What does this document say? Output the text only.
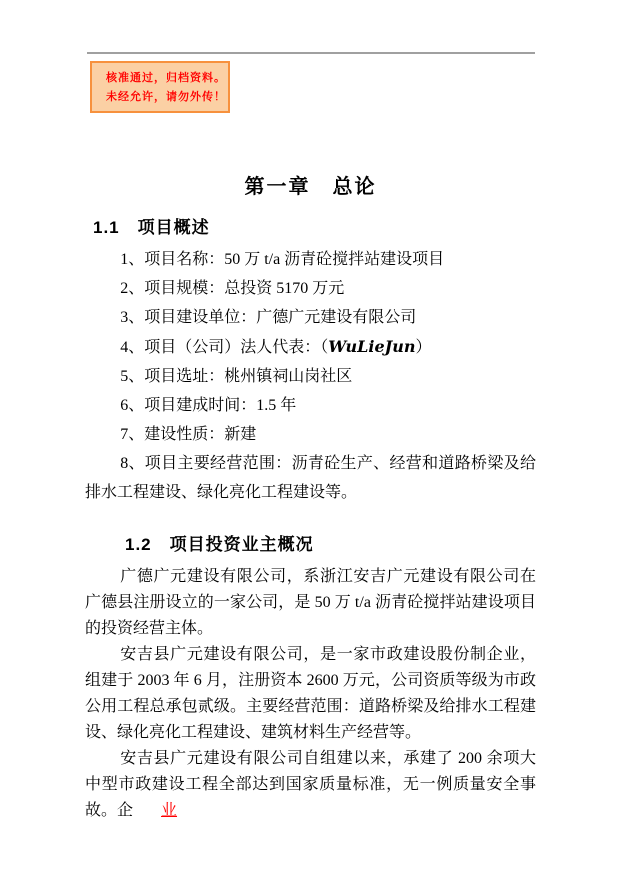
核准通过，归档资料。
未经允许，请勿外传！
第一章　总论
1.1　项目概述

1、项目名称：50 万 t/a 沥青砼搅拌站建设项目

2、项目规模：总投资 5170 万元

3、项目建设单位：广德广元建设有限公司

4、项目（公司）法人代表：（WuLieJun）

5、项目选址：桃州镇祠山岗社区

6、项目建成时间：1.5 年

7、建设性质：新建

8、项目主要经营范围：沥青砼生产、经营和道路桥梁及给排水工程建设、绿化亮化工程建设等。

1.2　项目投资业主概况

广德广元建设有限公司，系浙江安吉广元建设有限公司在广德县注册设立的一家公司，是 50 万 t/a 沥青砼搅拌站建设项目的投资经营主体。

安吉县广元建设有限公司，是一家市政建设股份制企业，组建于 2003 年 6 月，注册资本 2600 万元，公司资质等级为市政公用工程总承包贰级。主要经营范围：道路桥梁及给排水工程建设、绿化亮化工程建设、建筑材料生产经营等。

安吉县广元建设有限公司自组建以来，承建了 200 余项大中型市政建设工程全部达到国家质量标准，无一例质量安全事故。企 业
